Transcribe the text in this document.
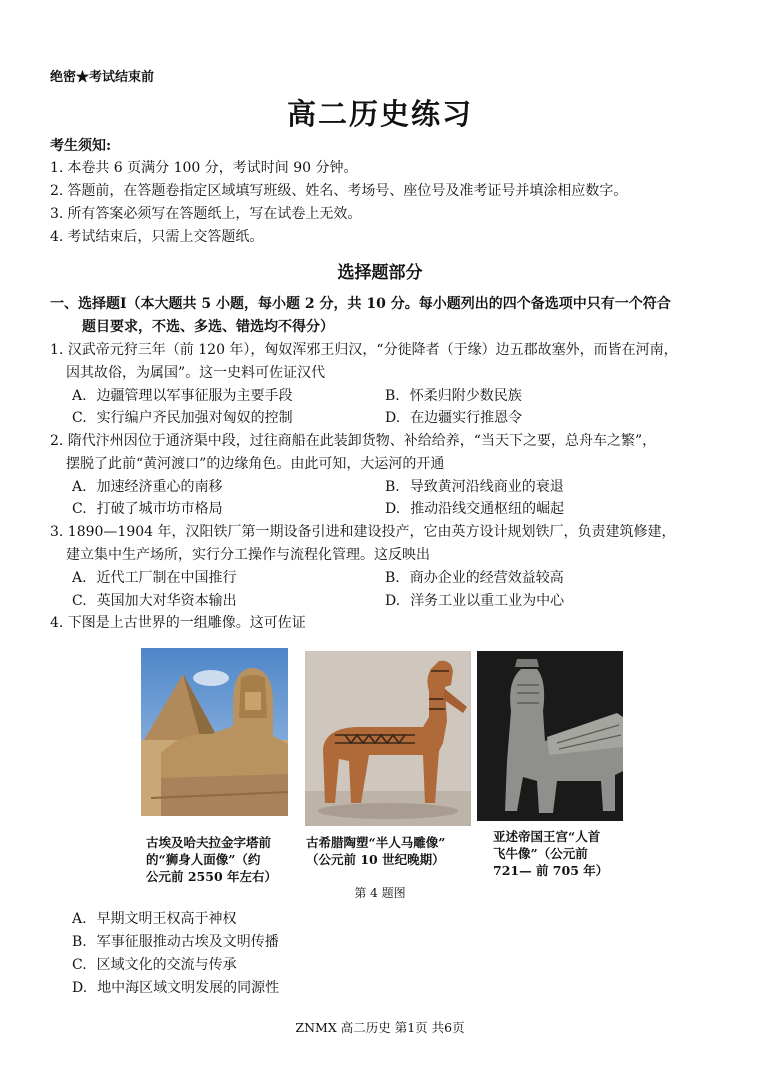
绝密★考试结束前
高二历史练习
考生须知:
1. 本卷共 6 页满分 100 分，考试时间 90 分钟。
2. 答题前，在答题卷指定区域填写班级、姓名、考场号、座位号及准考证号并填涂相应数字。
3. 所有答案必须写在答题纸上，写在试卷上无效。
4. 考试结束后，只需上交答题纸。
选择题部分
一、选择题Ⅰ（本大题共 5 小题，每小题 2 分，共 10 分。每小题列出的四个备选项中只有一个符合
题目要求，不选、多选、错选均不得分）
1. 汉武帝元狩三年（前 120 年），匈奴浑邪王归汉，“分徙降者（于缘）边五郡故塞外，而皆在河南，
因其故俗，为属国”。这一史料可佐证汉代
A. 边疆管理以军事征服为主要手段	B. 怀柔归附少数民族
C. 实行编户齐民加强对匈奴的控制	D. 在边疆实行推恩令
2. 隋代汴州因位于通济渠中段，过往商船在此装卸货物、补给给养，“当天下之要，总舟车之繁”，
摆脱了此前“黄河渡口”的边缘角色。由此可知，大运河的开通
A. 加速经济重心的南移	B. 导致黄河沿线商业的衰退
C. 打破了城市坊市格局	D. 推动沿线交通枢纽的崛起
3. 1890—1904 年，汉阳铁厂第一期设备引进和建设投产，它由英方设计规划铁厂，负责建筑修建，
建立集中生产场所，实行分工操作与流程化管理。这反映出
A. 近代工厂制在中国推行	B. 商办企业的经营效益较高
C. 英国加大对华资本输出	D. 洋务工业以重工业为中心
4. 下图是上古世界的一组雕像。这可佐证
古埃及哈夫拉金字塔前
的“狮身人面像”（约
公元前 2550 年左右）
古希腊陶塑“半人马雕像”
（公元前 10 世纪晚期）
亚述帝国王宫“人首
飞牛像”（公元前
721— 前 705 年）
第 4 题图
A. 早期文明王权高于神权
B. 军事征服推动古埃及文明传播
C. 区域文化的交流与传承
D. 地中海区域文明发展的同源性
ZNMX 高二历史 第1页 共6页
